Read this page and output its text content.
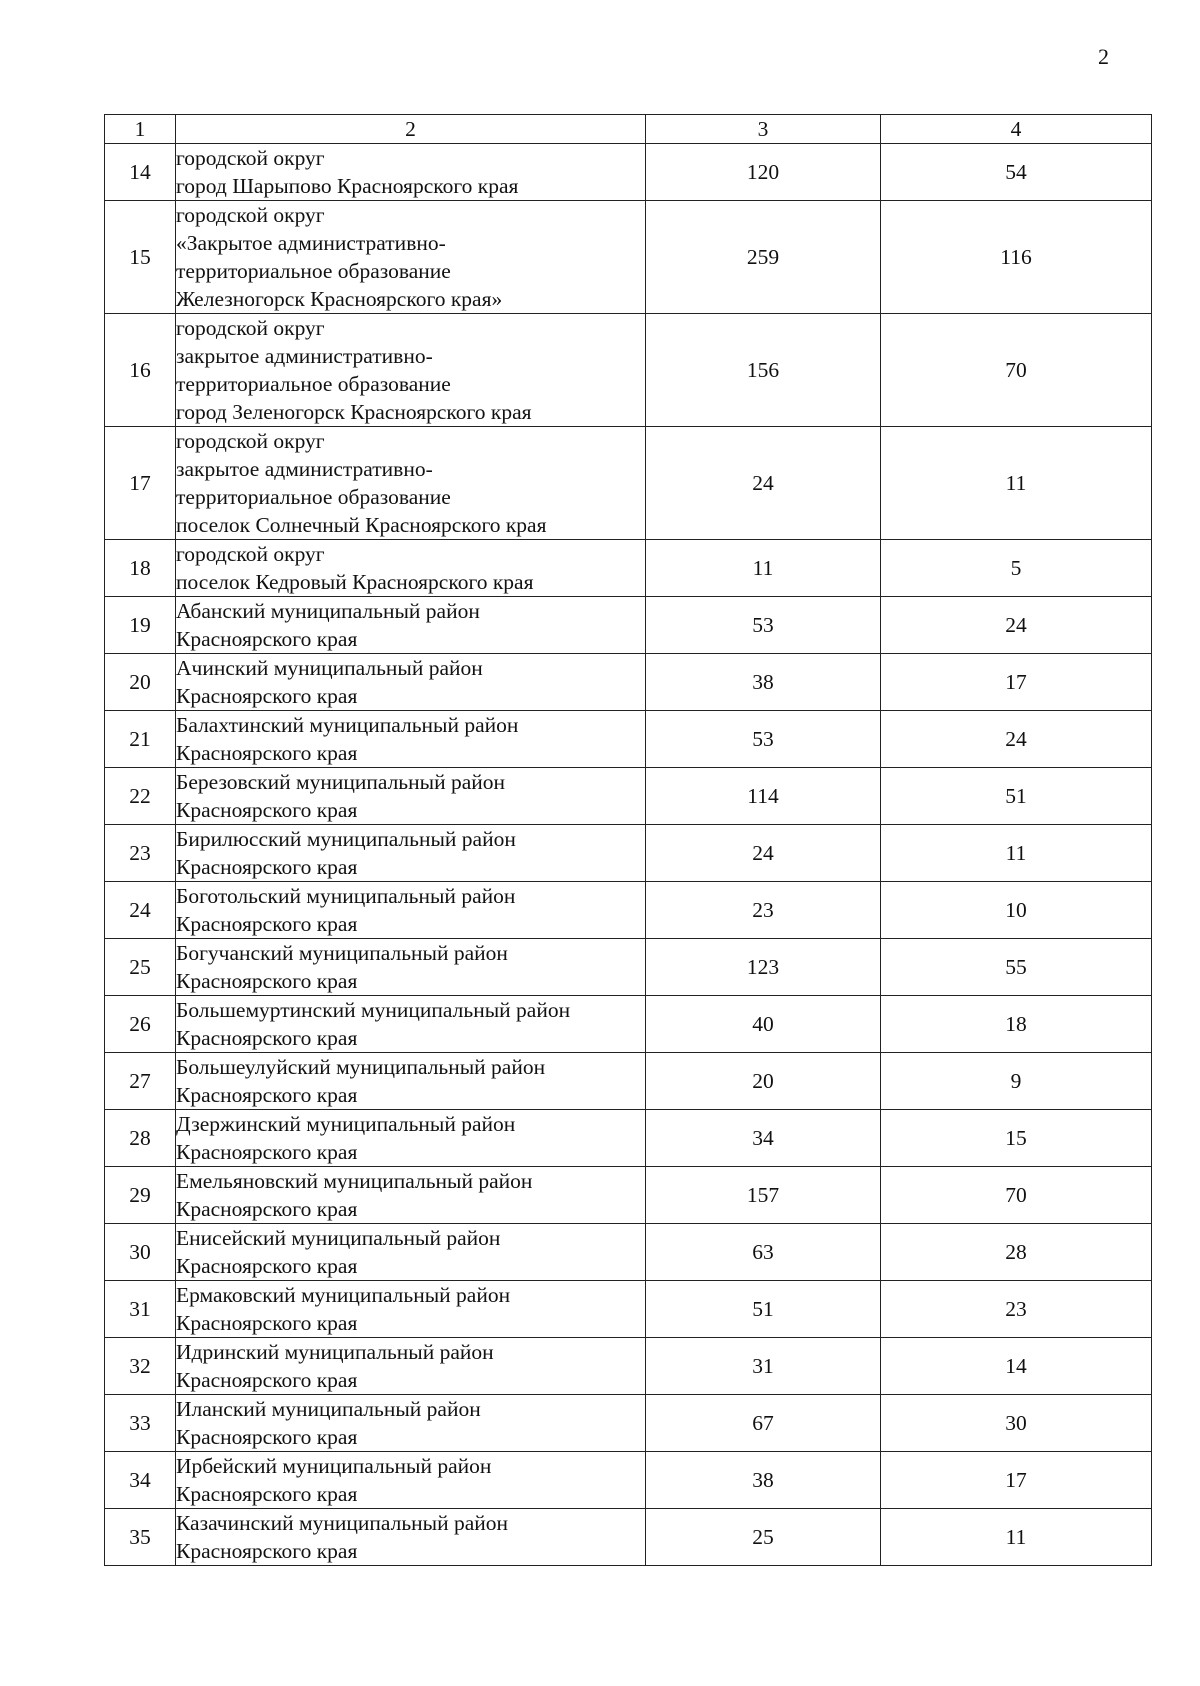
2
1	2	3	4
14	городской округ
город Шарыпово Красноярского края	120	54
15	городской округ
«Закрытое административно-
территориальное образование
Железногорск Красноярского края»	259	116
16	городской округ
закрытое административно-
территориальное образование
город Зеленогорск Красноярского края	156	70
17	городской округ
закрытое административно-
территориальное образование
поселок Солнечный Красноярского края	24	11
18	городской округ
поселок Кедровый Красноярского края	11	5
19	Абанский муниципальный район
Красноярского края	53	24
20	Ачинский муниципальный район
Красноярского края	38	17
21	Балахтинский муниципальный район
Красноярского края	53	24
22	Березовский муниципальный район
Красноярского края	114	51
23	Бирилюсский муниципальный район
Красноярского края	24	11
24	Боготольский муниципальный район
Красноярского края	23	10
25	Богучанский муниципальный район
Красноярского края	123	55
26	Большемуртинский муниципальный район
Красноярского края	40	18
27	Большеулуйский муниципальный район
Красноярского края	20	9
28	Дзержинский муниципальный район
Красноярского края	34	15
29	Емельяновский муниципальный район
Красноярского края	157	70
30	Енисейский муниципальный район
Красноярского края	63	28
31	Ермаковский муниципальный район
Красноярского края	51	23
32	Идринский муниципальный район
Красноярского края	31	14
33	Иланский муниципальный район
Красноярского края	67	30
34	Ирбейский муниципальный район
Красноярского края	38	17
35	Казачинский муниципальный район
Красноярского края	25	11
